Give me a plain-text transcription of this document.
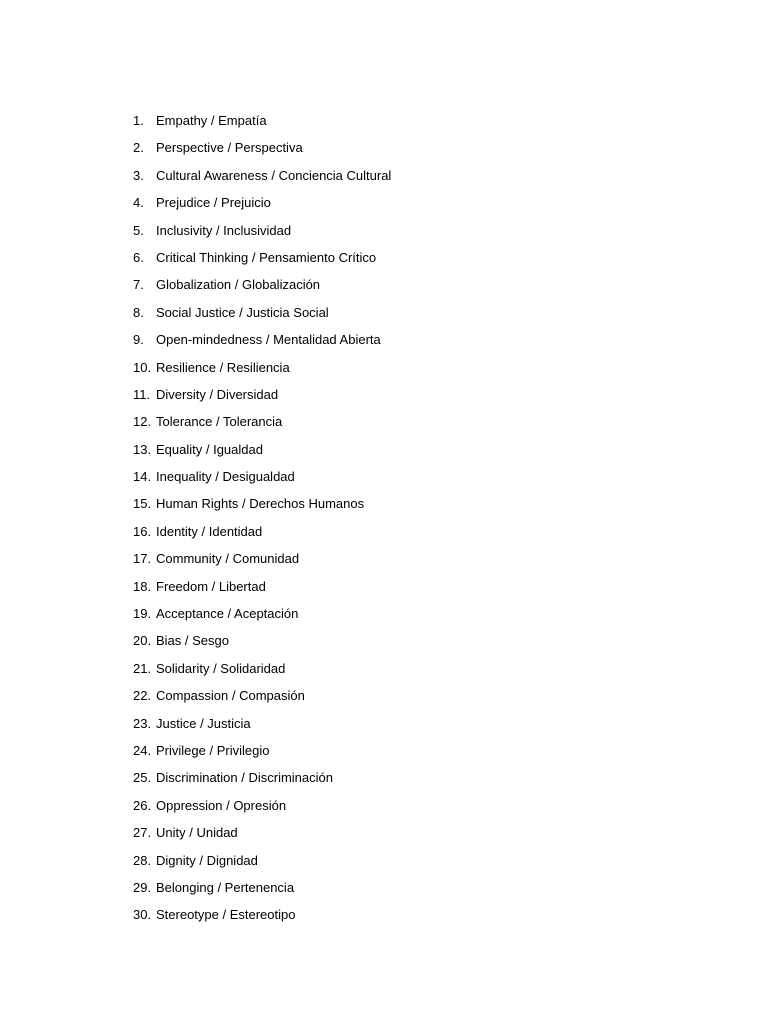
1. Empathy / Empatía
2. Perspective / Perspectiva
3. Cultural Awareness / Conciencia Cultural
4. Prejudice / Prejuicio
5. Inclusivity / Inclusividad
6. Critical Thinking / Pensamiento Crítico
7. Globalization / Globalización
8. Social Justice / Justicia Social
9. Open-mindedness / Mentalidad Abierta
10. Resilience / Resiliencia
11. Diversity / Diversidad
12. Tolerance / Tolerancia
13. Equality / Igualdad
14. Inequality / Desigualdad
15. Human Rights / Derechos Humanos
16. Identity / Identidad
17. Community / Comunidad
18. Freedom / Libertad
19. Acceptance / Aceptación
20. Bias / Sesgo
21. Solidarity / Solidaridad
22. Compassion / Compasión
23. Justice / Justicia
24. Privilege / Privilegio
25. Discrimination / Discriminación
26. Oppression / Opresión
27. Unity / Unidad
28. Dignity / Dignidad
29. Belonging / Pertenencia
30. Stereotype / Estereotipo
